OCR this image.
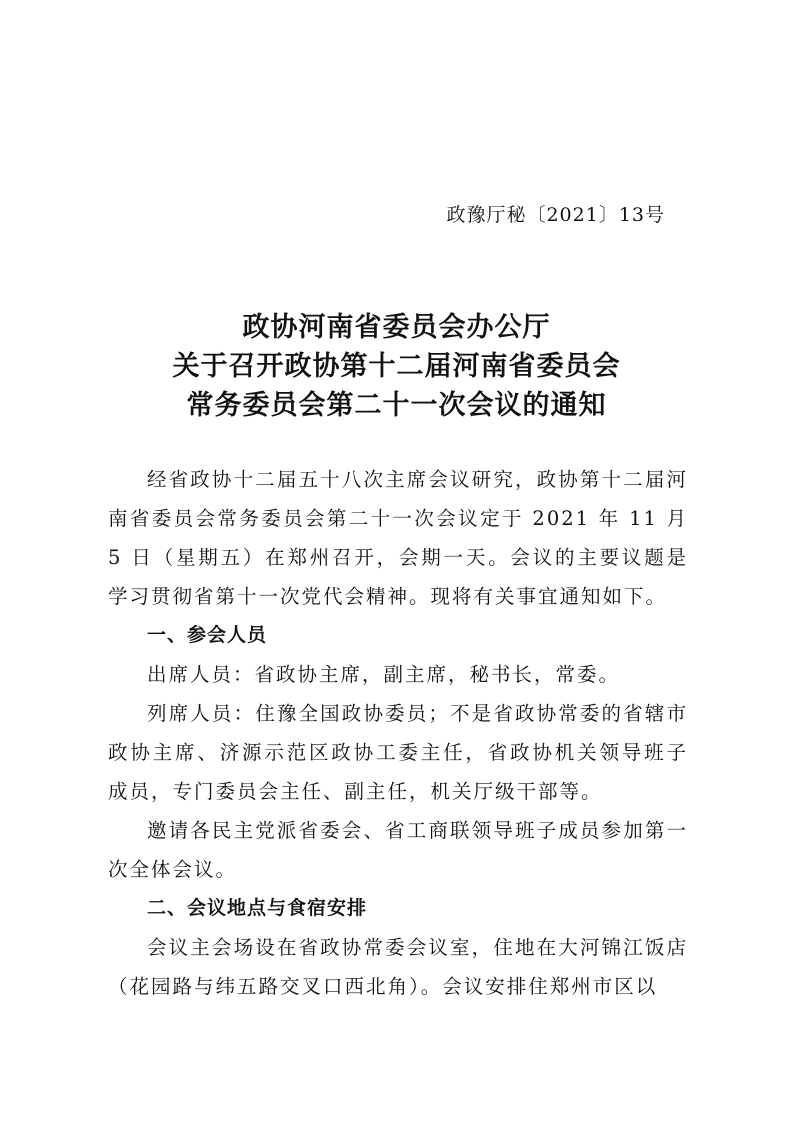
政豫厅秘〔2021〕13号
政协河南省委员会办公厅
关于召开政协第十二届河南省委员会
常务委员会第二十一次会议的通知

经省政协十二届五十八次主席会议研究，政协第十二届河南省委员会常务委员会第二十一次会议定于 2021 年 11 月 5 日（星期五）在郑州召开，会期一天。会议的主要议题是学习贯彻省第十一次党代会精神。现将有关事宜通知如下。

一、参会人员

出席人员：省政协主席，副主席，秘书长，常委。

列席人员：住豫全国政协委员；不是省政协常委的省辖市政协主席、济源示范区政协工委主任，省政协机关领导班子成员，专门委员会主任、副主任，机关厅级干部等。

邀请各民主党派省委会、省工商联领导班子成员参加第一次全体会议。

二、会议地点与食宿安排

会议主会场设在省政协常委会议室，住地在大河锦江饭店（花园路与纬五路交叉口西北角）。会议安排住郑州市区以
